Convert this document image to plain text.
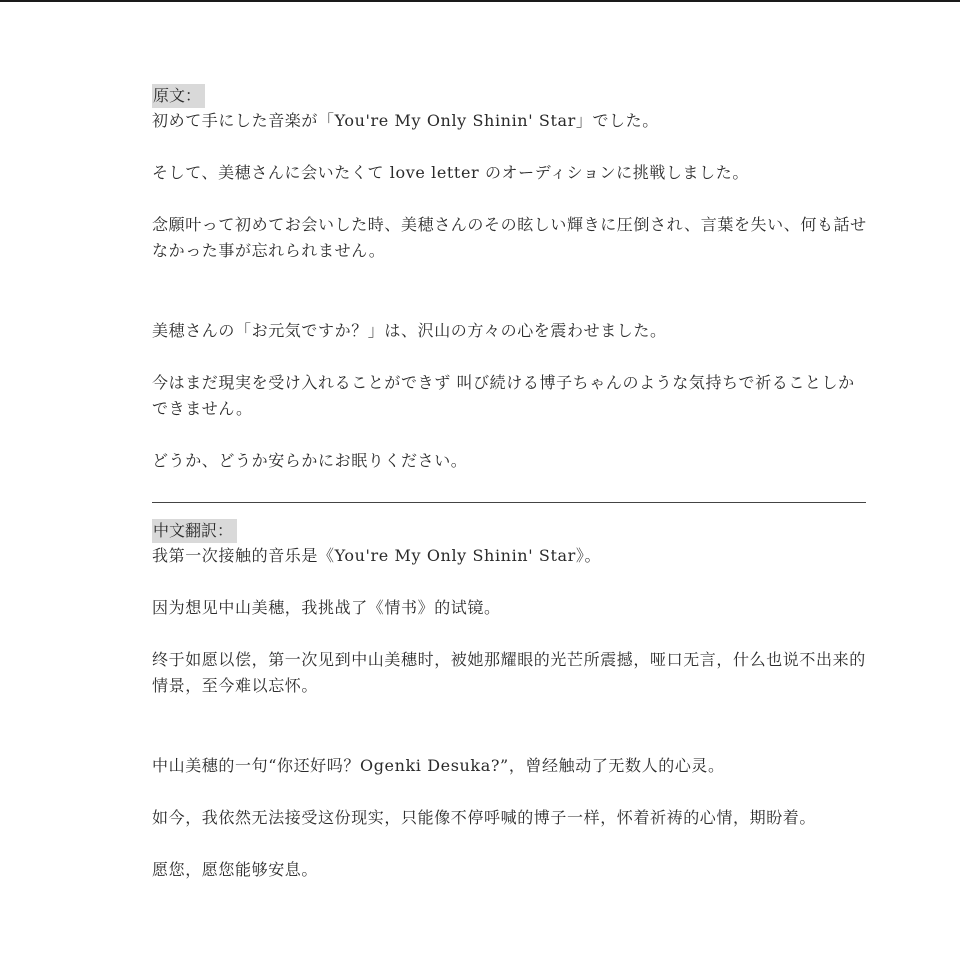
原文：
初めて手にした音楽が「You're My Only Shinin' Star」でした。
そして、美穂さんに会いたくて love letter のオーディションに挑戦しました。
念願叶って初めてお会いした時、美穂さんのその眩しい輝きに圧倒され、言葉を失い、何も話せなかった事が忘れられません。
美穂さんの「お元気ですか？」は、沢山の方々の心を震わせました。
今はまだ現実を受け入れることができず 叫び続ける博子ちゃんのような気持ちで祈ることしかできません。
どうか、どうか安らかにお眠りください。
中文翻訳：
我第一次接触的音乐是《You're My Only Shinin' Star》。
因为想见中山美穗，我挑战了《情书》的试镜。
终于如愿以偿，第一次见到中山美穗时，被她那耀眼的光芒所震撼，哑口无言，什么也说不出来的情景，至今难以忘怀。
中山美穗的一句“你还好吗？Ogenki Desuka?”，曾经触动了无数人的心灵。
如今，我依然无法接受这份现实，只能像不停呼喊的博子一样，怀着祈祷的心情，期盼着。
愿您，愿您能够安息。
